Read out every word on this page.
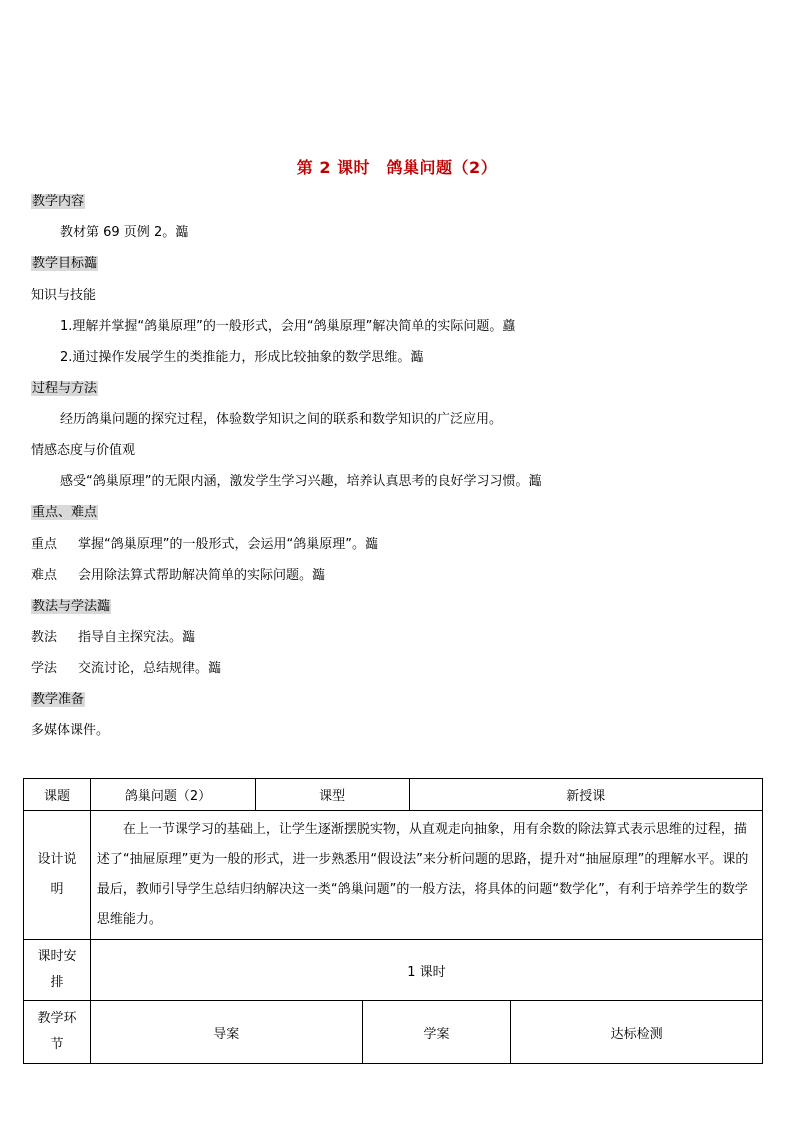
第 2 课时　鸽巢问题（2）
教学内容
教材第 69 页例 2。瀶
教学目标瀶
知识与技能
1.理解并掌握“鸽巢原理”的一般形式，会用“鸽巢原理”解决简单的实际问题。蠤
2.通过操作发展学生的类推能力，形成比较抽象的数学思维。瀶
过程与方法
经历鸽巢问题的探究过程，体验数学知识之间的联系和数学知识的广泛应用。
情感态度与价值观
感受“鸽巢原理”的无限内涵，激发学生学习兴趣，培养认真思考的良好学习习惯。瀶
重点、难点
重点 掌握“鸽巢原理”的一般形式，会运用“鸽巢原理”。瀶
难点 会用除法算式帮助解决简单的实际问题。瀶
教法与学法瀶
教法 指导自主探究法。瀶
学法 交流讨论，总结规律。瀶
教学准备
多媒体课件。
课题	鸽巢问题（2）	课型		新授课	

设计说
明	在上一节课学习的基础上，让学生逐渐摆脱实物，从直观走向抽象，用有余数的除法算式表示思维的过程，描述了“抽屉原理”更为一般的形式，进一步熟悉用“假设法”来分析问题的思路，提升对“抽屉原理”的理解水平。课的最后，教师引导学生总结归纳解决这一类“鸽巢问题”的一般方法，将具体的问题“数学化”，有利于培养学生的数学思维能力。				

课时安
排	1 课时				

教学环
节	导案		学案		达标检测
